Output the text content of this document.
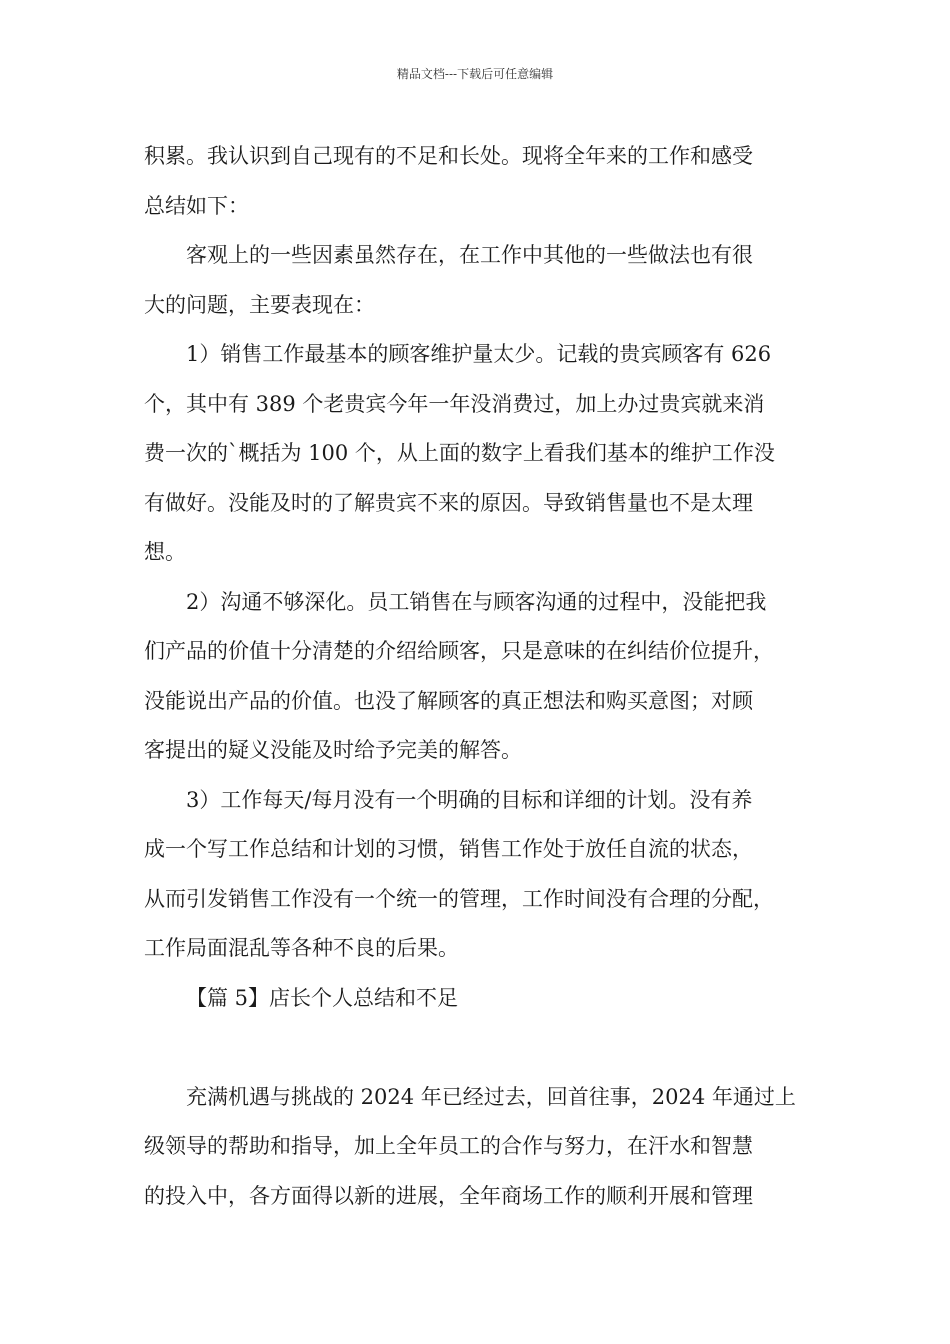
精品文档---下载后可任意编辑

积累。我认识到自己现有的不足和长处。现将全年来的工作和感受
总结如下：

客观上的一些因素虽然存在，在工作中其他的一些做法也有很
大的问题，主要表现在：

1）销售工作最基本的顾客维护量太少。记载的贵宾顾客有 626
个，其中有 389 个老贵宾今年一年没消费过，加上办过贵宾就来消
费一次的`概括为 100 个，从上面的数字上看我们基本的维护工作没
有做好。没能及时的了解贵宾不来的原因。导致销售量也不是太理
想。

2）沟通不够深化。员工销售在与顾客沟通的过程中，没能把我
们产品的价值十分清楚的介绍给顾客，只是意味的在纠结价位提升，
没能说出产品的价值。也没了解顾客的真正想法和购买意图；对顾
客提出的疑义没能及时给予完美的解答。

3）工作每天/每月没有一个明确的目标和详细的计划。没有养
成一个写工作总结和计划的习惯，销售工作处于放任自流的状态，
从而引发销售工作没有一个统一的管理，工作时间没有合理的分配，
工作局面混乱等各种不良的后果。

【篇 5】店长个人总结和不足

充满机遇与挑战的 2024 年已经过去，回首往事，2024 年通过上
级领导的帮助和指导，加上全年员工的合作与努力，在汗水和智慧
的投入中，各方面得以新的进展，全年商场工作的顺利开展和管理
